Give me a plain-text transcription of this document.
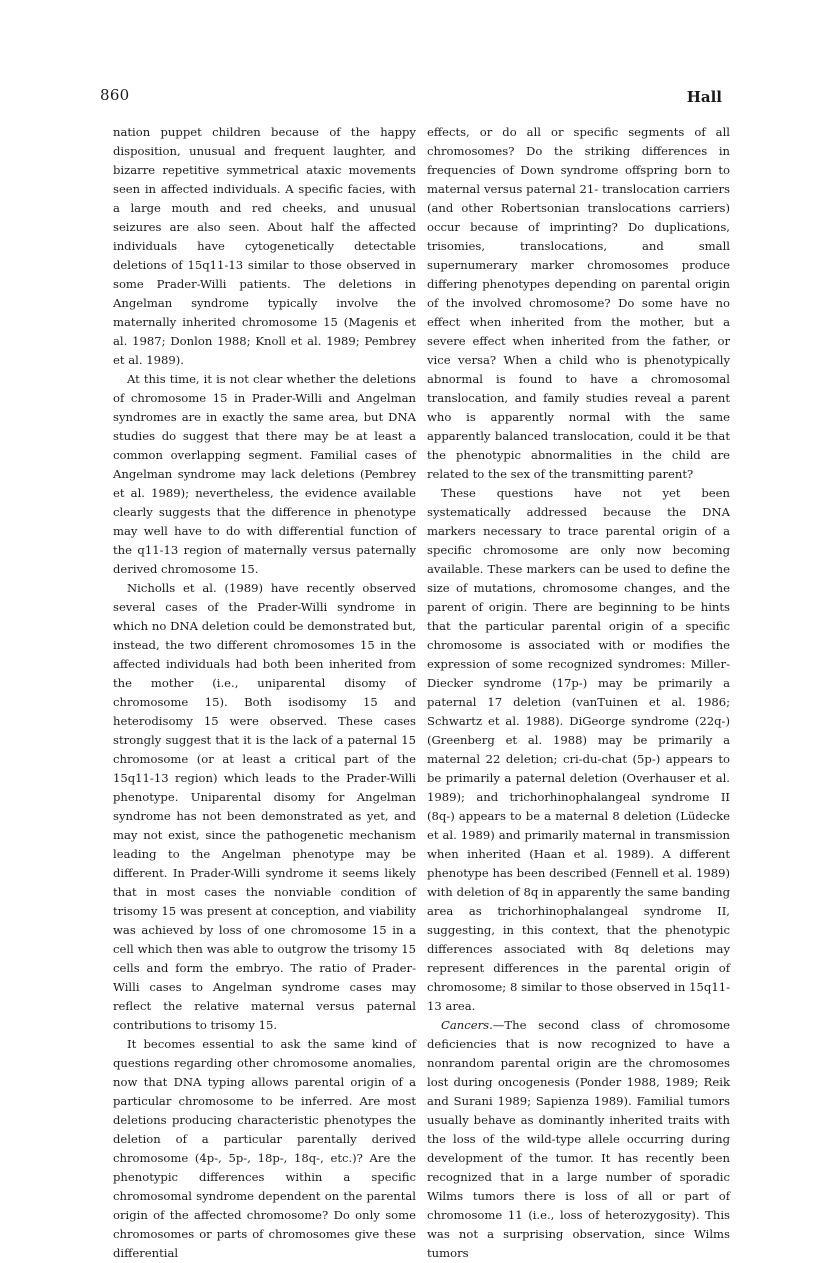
860	Hall

nation puppet children because of the happy disposition, unusual and frequent laughter, and bizarre repetitive symmetrical ataxic movements seen in affected individuals. A specific facies, with a large mouth and red cheeks, and unusual seizures are also seen. About half the affected individuals have cytogenetically detectable deletions of 15q11-13 similar to those observed in some Prader-Willi patients. The deletions in Angelman syndrome typically involve the maternally inherited chromosome 15 (Magenis et al. 1987; Donlon 1988; Knoll et al. 1989; Pembrey et al. 1989).

At this time, it is not clear whether the deletions of chromosome 15 in Prader-Willi and Angelman syndromes are in exactly the same area, but DNA studies do suggest that there may be at least a common overlapping segment. Familial cases of Angelman syndrome may lack deletions (Pembrey et al. 1989); nevertheless, the evidence available clearly suggests that the difference in phenotype may well have to do with differential function of the q11-13 region of maternally versus paternally derived chromosome 15.

Nicholls et al. (1989) have recently observed several cases of the Prader-Willi syndrome in which no DNA deletion could be demonstrated but, instead, the two different chromosomes 15 in the affected individuals had both been inherited from the mother (i.e., uniparental disomy of chromosome 15). Both isodisomy 15 and heterodisomy 15 were observed. These cases strongly suggest that it is the lack of a paternal 15 chromosome (or at least a critical part of the 15q11-13 region) which leads to the Prader-Willi phenotype. Uniparental disomy for Angelman syndrome has not been demonstrated as yet, and may not exist, since the pathogenetic mechanism leading to the Angelman phenotype may be different. In Prader-Willi syndrome it seems likely that in most cases the nonviable condition of trisomy 15 was present at conception, and viability was achieved by loss of one chromosome 15 in a cell which then was able to outgrow the trisomy 15 cells and form the embryo. The ratio of Prader-Willi cases to Angelman syndrome cases may reflect the relative maternal versus paternal contributions to trisomy 15.

It becomes essential to ask the same kind of questions regarding other chromosome anomalies, now that DNA typing allows parental origin of a particular chromosome to be inferred. Are most deletions producing characteristic phenotypes the deletion of a particular parentally derived chromosome (4p-, 5p-, 18p-, 18q-, etc.)? Are the phenotypic differences within a specific chromosomal syndrome dependent on the parental origin of the affected chromosome? Do only some chromosomes or parts of chromosomes give these differential

effects, or do all or specific segments of all chromosomes? Do the striking differences in frequencies of Down syndrome offspring born to maternal versus paternal 21- translocation carriers (and other Robertsonian translocations carriers) occur because of imprinting? Do duplications, trisomies, translocations, and small supernumerary marker chromosomes produce differing phenotypes depending on parental origin of the involved chromosome? Do some have no effect when inherited from the mother, but a severe effect when inherited from the father, or vice versa? When a child who is phenotypically abnormal is found to have a chromosomal translocation, and family studies reveal a parent who is apparently normal with the same apparently balanced translocation, could it be that the phenotypic abnormalities in the child are related to the sex of the transmitting parent?

These questions have not yet been systematically addressed because the DNA markers necessary to trace parental origin of a specific chromosome are only now becoming available. These markers can be used to define the size of mutations, chromosome changes, and the parent of origin. There are beginning to be hints that the particular parental origin of a specific chromosome is associated with or modifies the expression of some recognized syndromes: Miller-Diecker syndrome (17p-) may be primarily a paternal 17 deletion (vanTuinen et al. 1986; Schwartz et al. 1988). DiGeorge syndrome (22q-) (Greenberg et al. 1988) may be primarily a maternal 22 deletion; cri-du-chat (5p-) appears to be primarily a paternal deletion (Overhauser et al. 1989); and trichorhinophalangeal syndrome II (8q-) appears to be a maternal 8 deletion (Lüdecke et al. 1989) and primarily maternal in transmission when inherited (Haan et al. 1989). A different phenotype has been described (Fennell et al. 1989) with deletion of 8q in apparently the same banding area as trichorhinophalangeal syndrome II, suggesting, in this context, that the phenotypic differences associated with 8q deletions may represent differences in the parental origin of chromosome; 8 similar to those observed in 15q11-13 area.

Cancers.—The second class of chromosome deficiencies that is now recognized to have a nonrandom parental origin are the chromosomes lost during oncogenesis (Ponder 1988, 1989; Reik and Surani 1989; Sapienza 1989). Familial tumors usually behave as dominantly inherited traits with the loss of the wild-type allele occurring during development of the tumor. It has recently been recognized that in a large number of sporadic Wilms tumors there is loss of all or part of chromosome 11 (i.e., loss of heterozygosity). This was not a surprising observation, since Wilms tumors
